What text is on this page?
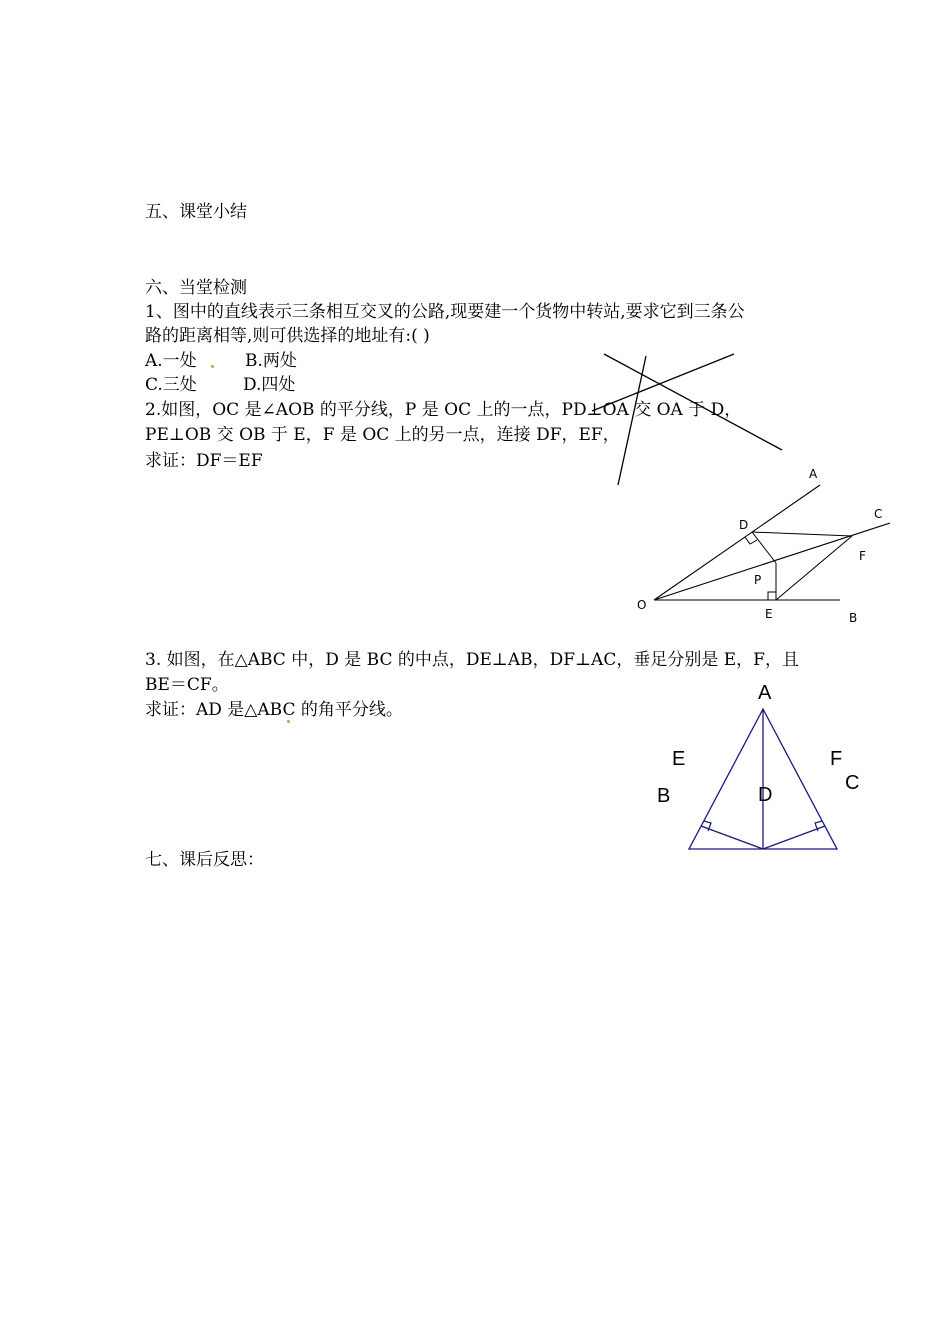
五、课堂小结
六、当堂检测
1、图中的直线表示三条相互交叉的公路,现要建一个货物中转站,要求它到三条公
路的距离相等,则可供选择的地址有:( )
A.一处	B.两处
C.三处	D.四处
2.如图，OC 是∠AOB 的平分线，P 是 OC 上的一点，PD⊥OA 交 OA 于 D，
PE⊥OB 交 OB 于 E，F 是 OC 上的另一点，连接 DF，EF，
求证：DF＝EF
3. 如图，在△ABC 中，D 是 BC 的中点，DE⊥AB，DF⊥AC，垂足分别是 E，F，且
BE＝CF。
求证：AD 是△ABC 的角平分线。
七、课后反思：
A
C
D
F
P
O
E	B
A
E	F
C
B	D
